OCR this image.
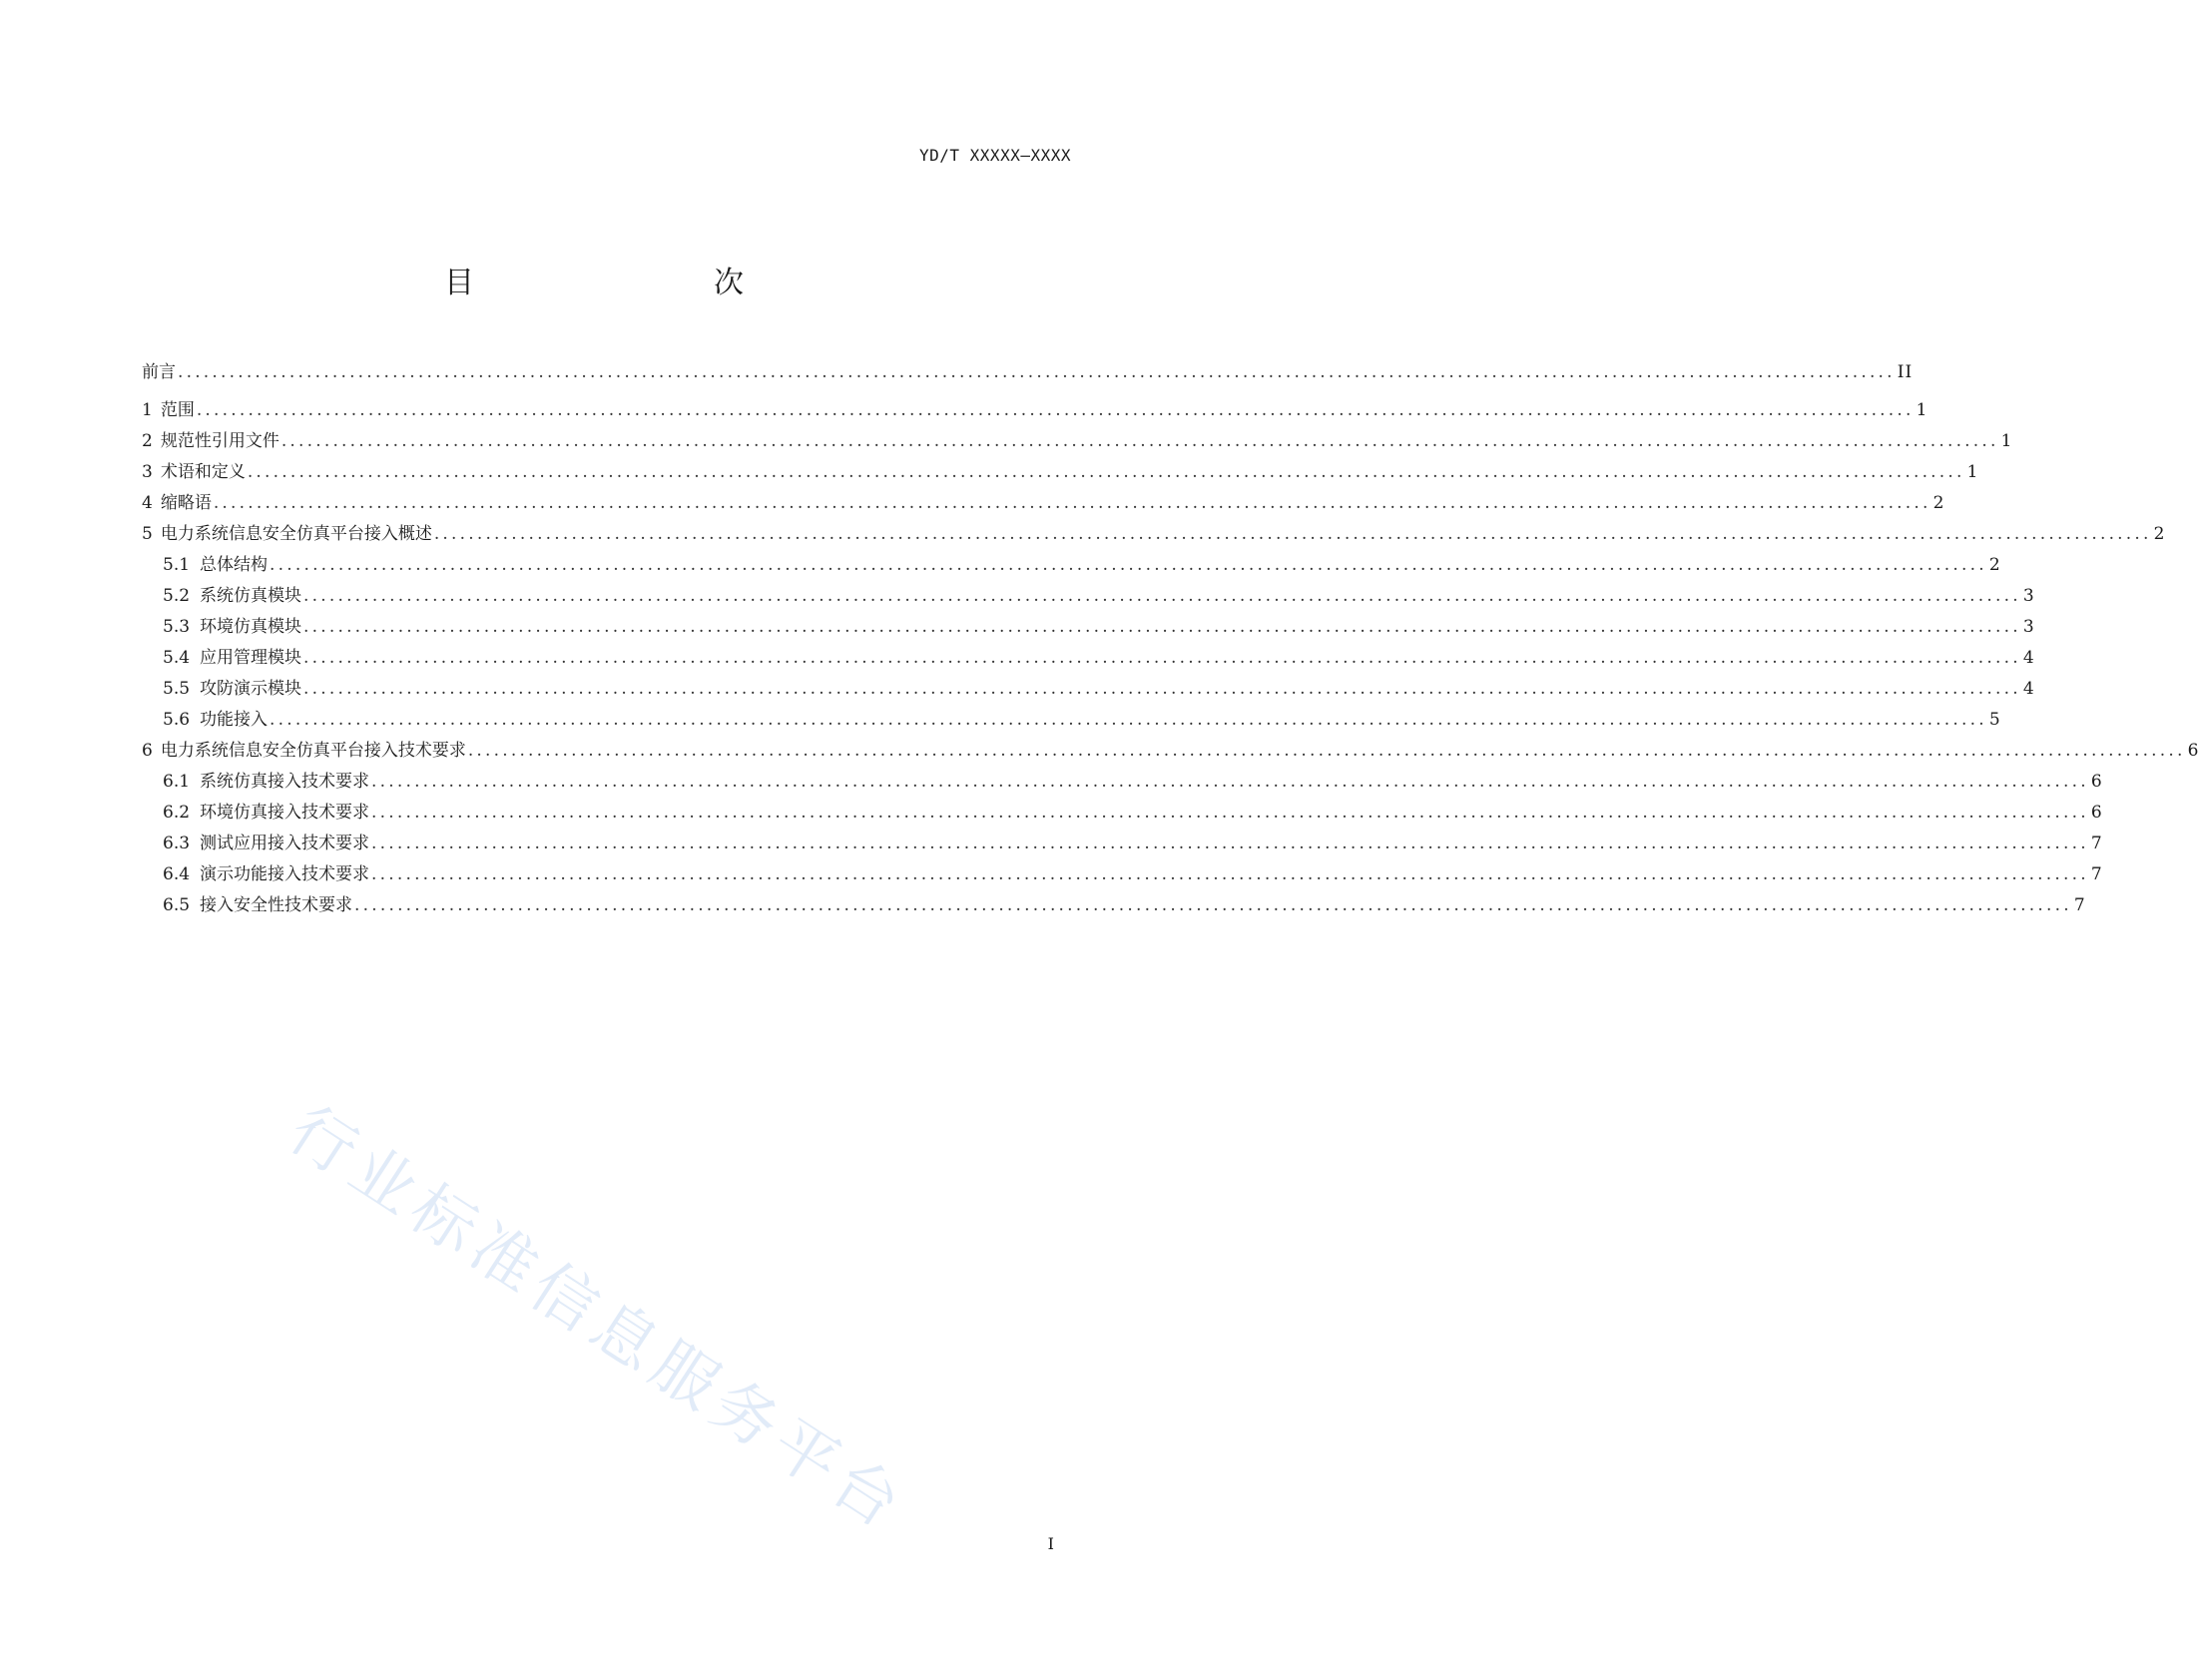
YD/T XXXXX—XXXX
目　　次
前言 ........................................................................................................................................................................................................ II
1 范围 ........................................................................................................................................................................................................ 1
2 规范性引用文件 ........................................................................................................................................................................................................ 1
3 术语和定义 ........................................................................................................................................................................................................ 1
4 缩略语 ........................................................................................................................................................................................................ 2
5 电力系统信息安全仿真平台接入概述 ........................................................................................................................................................................................................ 2
5.1 总体结构 ........................................................................................................................................................................................................ 2
5.2 系统仿真模块 ........................................................................................................................................................................................................ 3
5.3 环境仿真模块 ........................................................................................................................................................................................................ 3
5.4 应用管理模块 ........................................................................................................................................................................................................ 4
5.5 攻防演示模块 ........................................................................................................................................................................................................ 4
5.6 功能接入 ........................................................................................................................................................................................................ 5
6 电力系统信息安全仿真平台接入技术要求 ........................................................................................................................................................................................................ 6
6.1 系统仿真接入技术要求 ........................................................................................................................................................................................................ 6
6.2 环境仿真接入技术要求 ........................................................................................................................................................................................................ 6
6.3 测试应用接入技术要求 ........................................................................................................................................................................................................ 7
6.4 演示功能接入技术要求 ........................................................................................................................................................................................................ 7
6.5 接入安全性技术要求 ........................................................................................................................................................................................................ 7
行业标准信息服务平台	I
